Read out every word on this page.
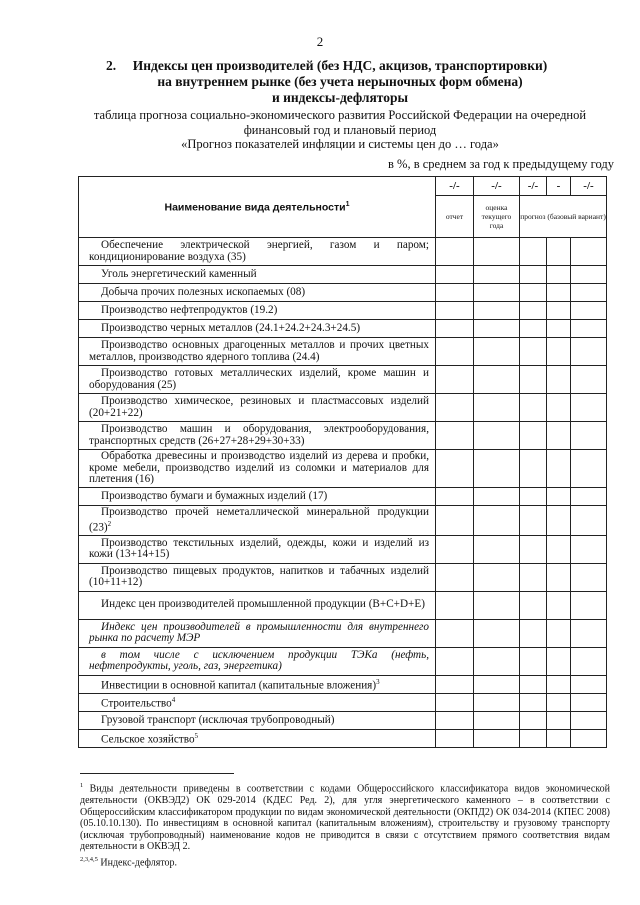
2
2.	Индексы цен производителей (без НДС, акцизов, транспортировки)
на внутреннем рынке (без учета нерыночных форм обмена)
и индексы-дефляторы
таблица прогноза социально-экономического развития Российской Федерации на очередной
финансовый год и плановый период
«Прогноз показателей инфляции и системы цен до … года»
в %, в среднем за год к предыдущему году
Наименование вида деятельности$^1$	-/-	-/-	-/-	-	-/-
	отчет	оценка текущего года	прогноз (базовый вариант)		
Обеспечение электрической энергией, газом и паром; кондиционирование воздуха (35)					
Уголь энергетический каменный					
Добыча прочих полезных ископаемых (08)					
Производство нефтепродуктов (19.2)					
Производство черных металлов (24.1+24.2+24.3+24.5)					
Производство основных драгоценных металлов и прочих цветных металлов, производство ядерного топлива (24.4)					
Производство готовых металлических изделий, кроме машин и оборудования (25)					
Производство химическое, резиновых и пластмассовых изделий (20+21+22)					
Производство машин и оборудования, электрооборудования, транспортных средств (26+27+28+29+30+33)					
Обработка древесины и производство изделий из дерева и пробки, кроме мебели, производство изделий из соломки и материалов для плетения (16)					
Производство бумаги и бумажных изделий (17)					
Производство прочей неметаллической минеральной продукции $(23)^2$					
Производство текстильных изделий, одежды, кожи и изделий из кожи (13+14+15)					
Производство пищевых продуктов, напитков и табачных изделий (10+11+12)					
Индекс цен производителей промышленной продукции (B+C+D+E)					
Индекс цен производителей в промышленности для внутреннего рынка по расчету МЭР					
в том числе с исключением продукции ТЭКа (нефть, нефтепродукты, уголь, газ, энергетика)					
Инвестиции в основной капитал (капитальные вложения)$^3$					
Строительство$^4$					
Грузовой транспорт (исключая трубопроводный)					
Сельское хозяйство$^5$					
$^1$ Виды деятельности приведены в соответствии с кодами Общероссийского классификатора видов экономической деятельности (ОКВЭД2) ОК 029-2014 (КДЕС Ред. 2), для угля энергетического каменного – в соответствии с Общероссийским классификатором продукции по видам экономической деятельности (ОКПД2) ОК 034-2014 (КПЕС 2008) (05.10.10.130). По инвестициям в основной капитал (капитальным вложениям), строительству и грузовому транспорту (исключая трубопроводный) наименование кодов не приводится в связи с отсутствием прямого соответствия видам деятельности в ОКВЭД 2.
$^{2,3,4,5}$ Индекс-дефлятор.
